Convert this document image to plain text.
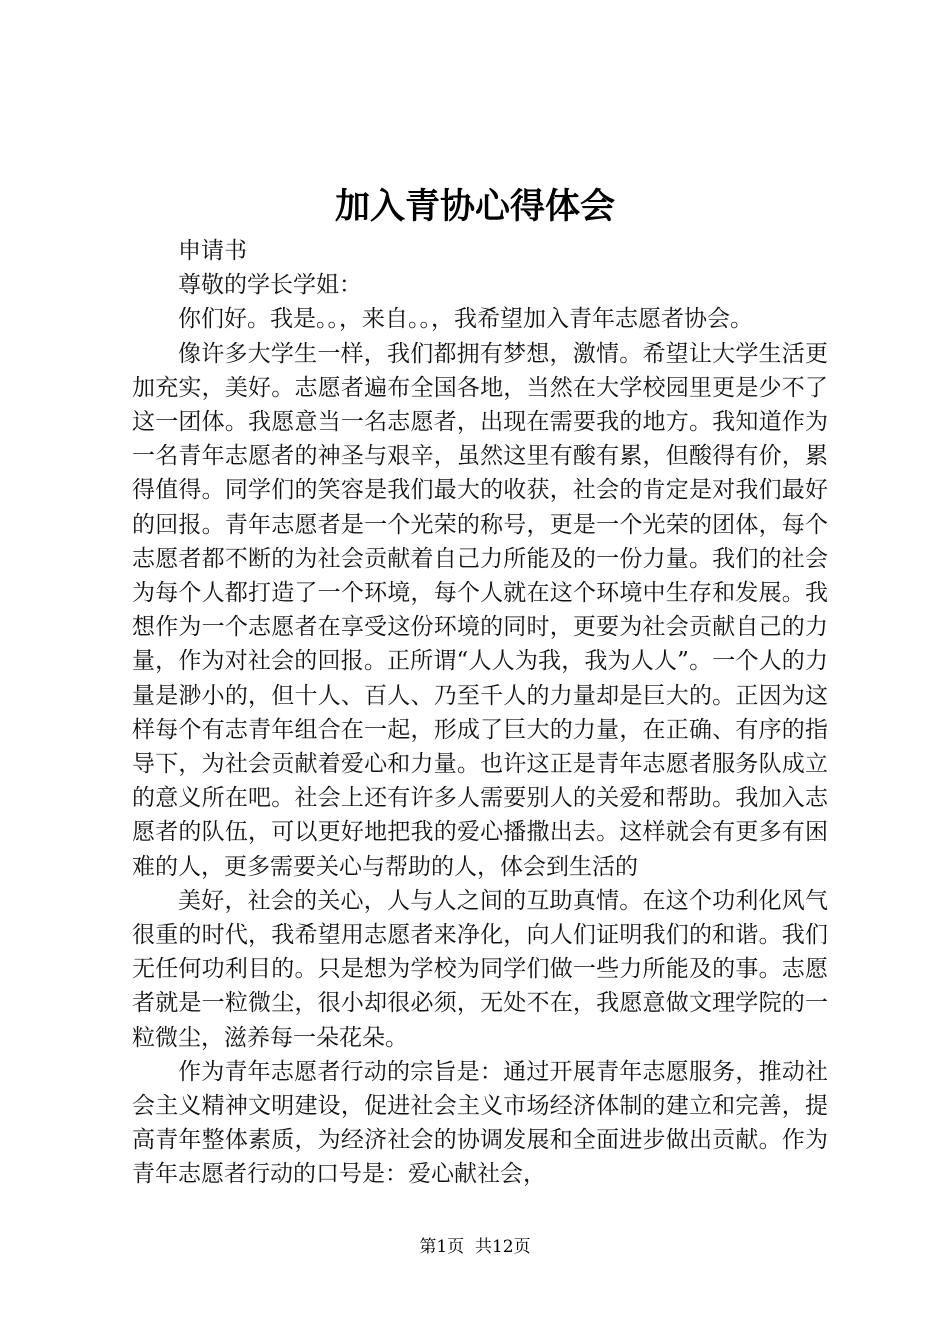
加入青协心得体会

申请书

尊敬的学长学姐：

你们好。我是。。，来自。。，我希望加入青年志愿者协会。

像许多大学生一样，我们都拥有梦想，激情。希望让大学生活更加充实，美好。志愿者遍布全国各地，当然在大学校园里更是少不了这一团体。我愿意当一名志愿者，出现在需要我的地方。我知道作为一名青年志愿者的神圣与艰辛，虽然这里有酸有累，但酸得有价，累得值得。同学们的笑容是我们最大的收获，社会的肯定是对我们最好的回报。青年志愿者是一个光荣的称号，更是一个光荣的团体，每个志愿者都不断的为社会贡献着自己力所能及的一份力量。我们的社会为每个人都打造了一个环境，每个人就在这个环境中生存和发展。我想作为一个志愿者在享受这份环境的同时，更要为社会贡献自己的力量，作为对社会的回报。正所谓“人人为我，我为人人”。一个人的力量是渺小的，但十人、百人、乃至千人的力量却是巨大的。正因为这样每个有志青年组合在一起，形成了巨大的力量，在正确、有序的指导下，为社会贡献着爱心和力量。也许这正是青年志愿者服务队成立的意义所在吧。社会上还有许多人需要别人的关爱和帮助。我加入志愿者的队伍，可以更好地把我的爱心播撒出去。这样就会有更多有困难的人，更多需要关心与帮助的人，体会到生活的

美好，社会的关心，人与人之间的互助真情。在这个功利化风气很重的时代，我希望用志愿者来净化，向人们证明我们的和谐。我们无任何功利目的。只是想为学校为同学们做一些力所能及的事。志愿者就是一粒微尘，很小却很必须，无处不在，我愿意做文理学院的一粒微尘，滋养每一朵花朵。

作为青年志愿者行动的宗旨是：通过开展青年志愿服务，推动社会主义精神文明建设，促进社会主义市场经济体制的建立和完善，提高青年整体素质，为经济社会的协调发展和全面进步做出贡献。作为青年志愿者行动的口号是：爱心献社会，

第1页  共12页
